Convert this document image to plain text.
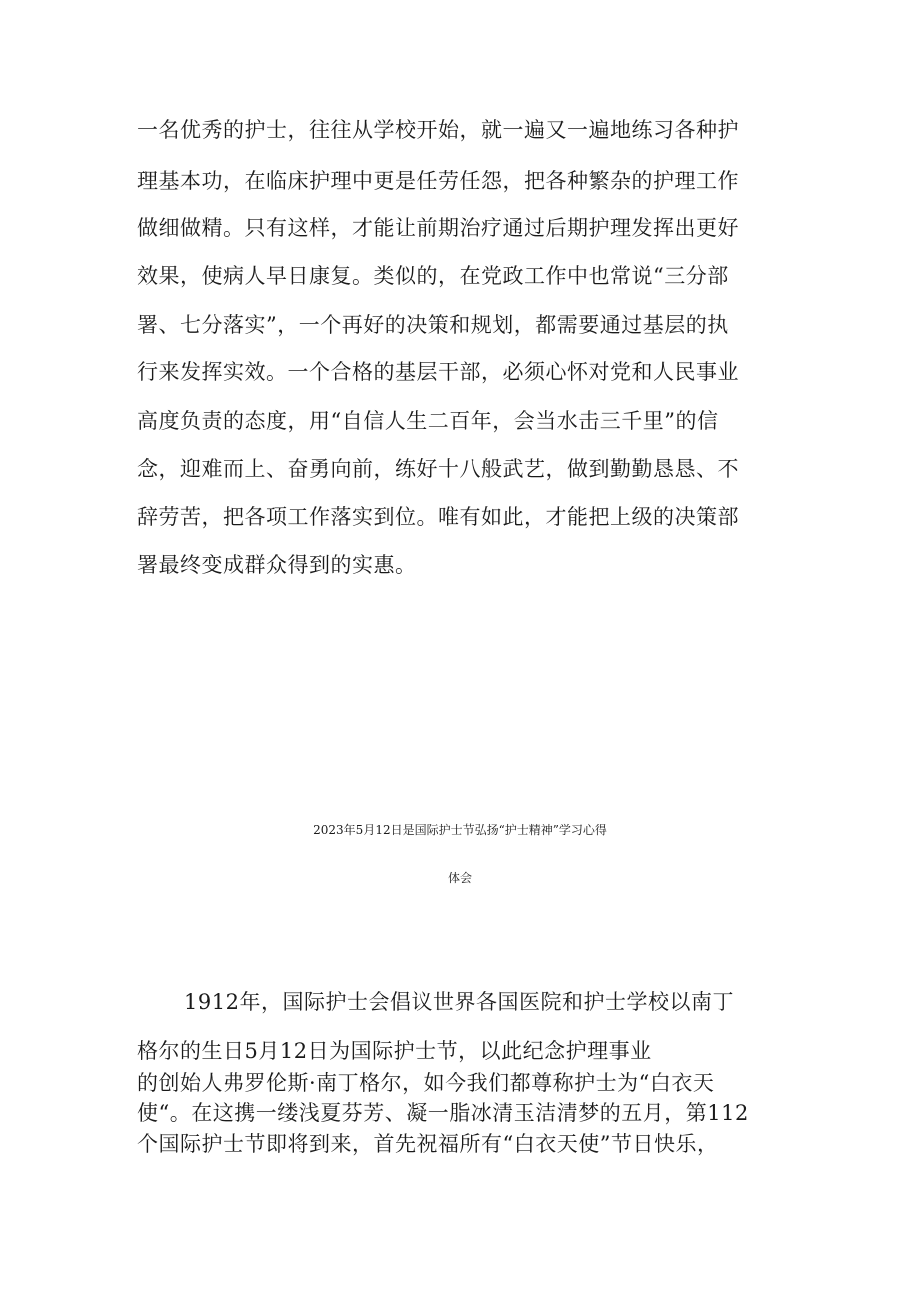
一名优秀的护士，往往从学校开始，就一遍又一遍地练习各种护
理基本功，在临床护理中更是任劳任怨，把各种繁杂的护理工作
做细做精。只有这样，才能让前期治疗通过后期护理发挥出更好
效果，使病人早日康复。类似的，在党政工作中也常说“三分部
署、七分落实”，一个再好的决策和规划，都需要通过基层的执
行来发挥实效。一个合格的基层干部，必须心怀对党和人民事业
高度负责的态度，用“自信人生二百年，会当水击三千里”的信
念，迎难而上、奋勇向前，练好十八般武艺，做到勤勤恳恳、不
辞劳苦，把各项工作落实到位。唯有如此，才能把上级的决策部
署最终变成群众得到的实惠。
2023年5月12日是国际护士节弘扬“护士精神”学习心得
体会
1912年，国际护士会倡议世界各国医院和护士学校以南丁
格尔的生日5月12日为国际护士节，以此纪念护理事业
的创始人弗罗伦斯·南丁格尔，如今我们都尊称护士为“白衣天
使“。在这携一缕浅夏芬芳、凝一脂冰清玉洁清梦的五月，第112
个国际护士节即将到来，首先祝福所有“白衣天使”节日快乐，
